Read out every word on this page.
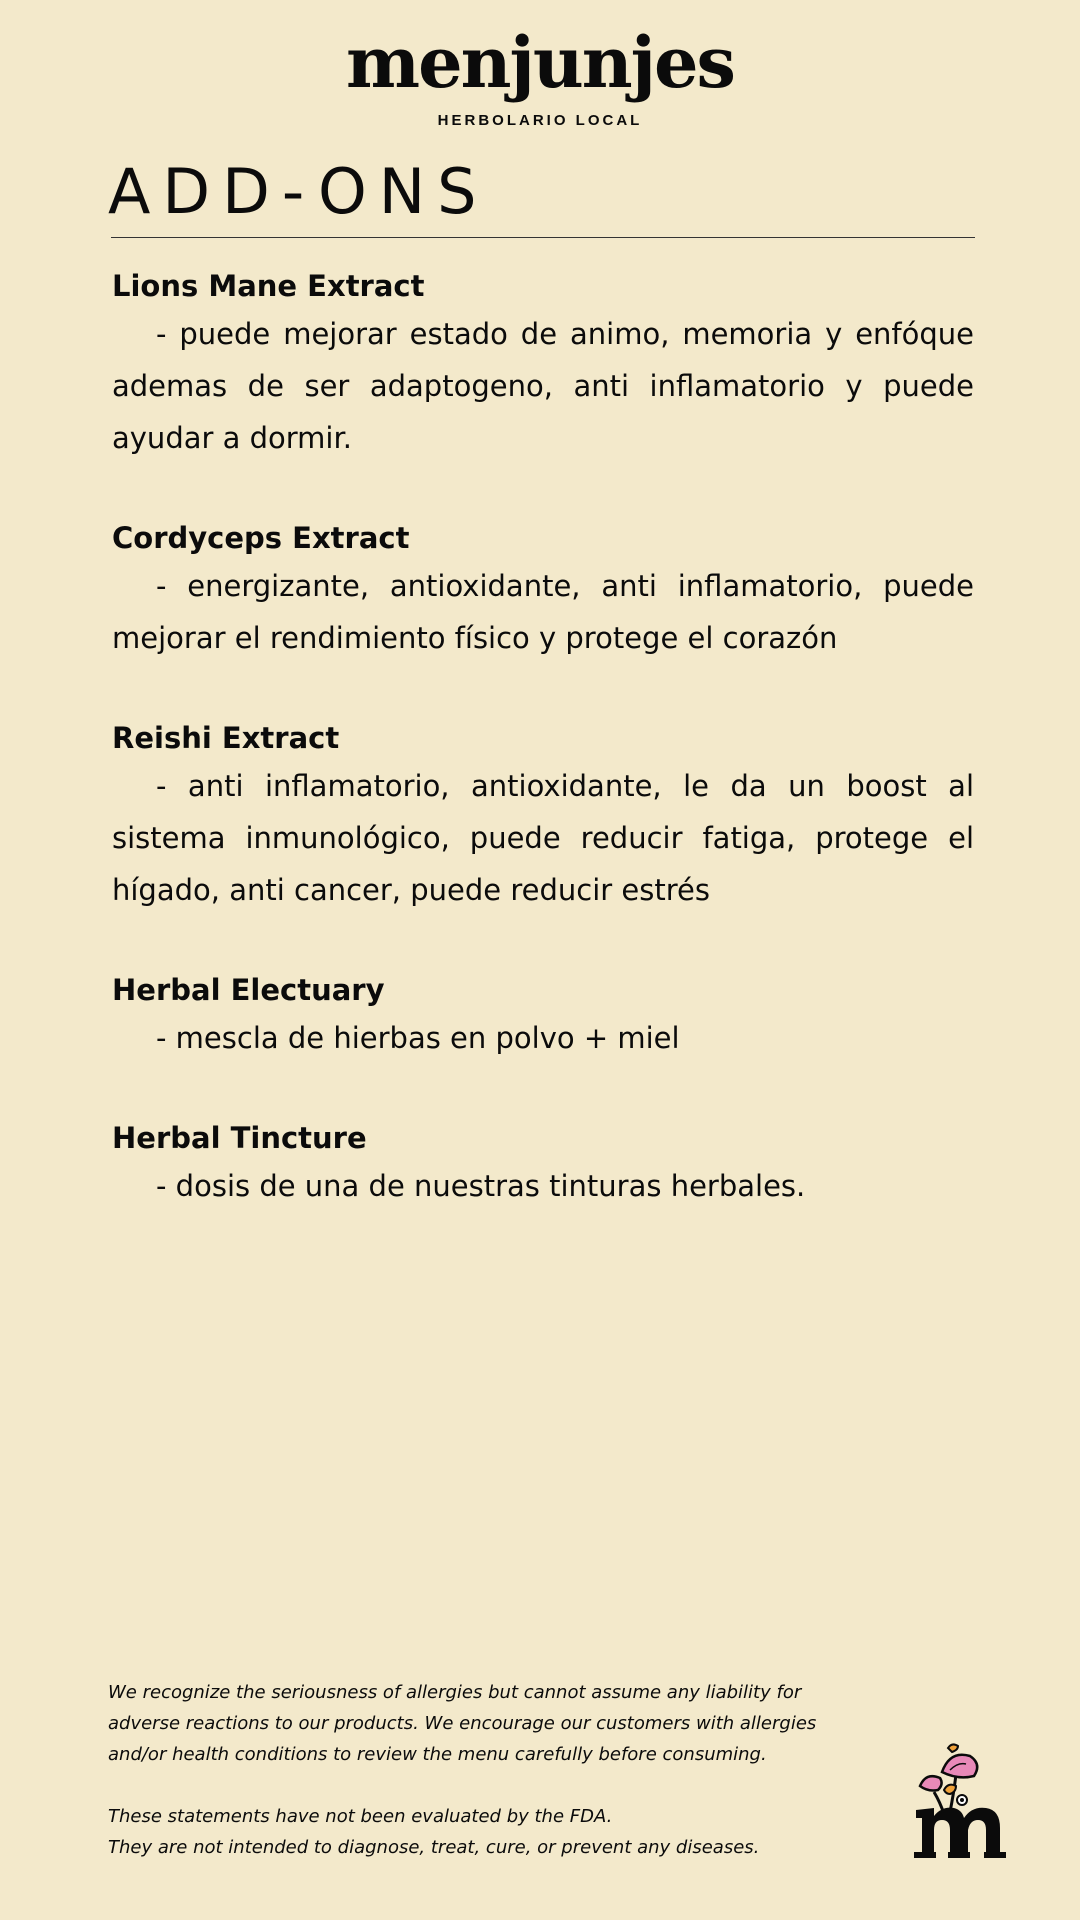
menjunjes
HERBOLARIO LOCAL
ADD-ONS
Lions Mane Extract
- puede mejorar estado de animo, memoria y enfóque ademas de ser adaptogeno, anti inflamatorio y puede ayudar a dormir.
Cordyceps Extract
- energizante, antioxidante, anti inflamatorio, puede mejorar el rendimiento físico y protege el corazón
Reishi Extract
- anti inflamatorio, antioxidante, le da un boost al sistema inmunológico, puede reducir fatiga, protege el hígado, anti cancer, puede reducir estrés
Herbal Electuary
- mescla de hierbas en polvo + miel
Herbal Tincture
- dosis de una de nuestras tinturas herbales.
We recognize the seriousness of allergies but cannot assume any liability for
adverse reactions to our products. We encourage our customers with allergies
and/or health conditions to review the menu carefully before consuming.
These statements have not been evaluated by the FDA.
They are not intended to diagnose, treat, cure, or prevent any diseases.
